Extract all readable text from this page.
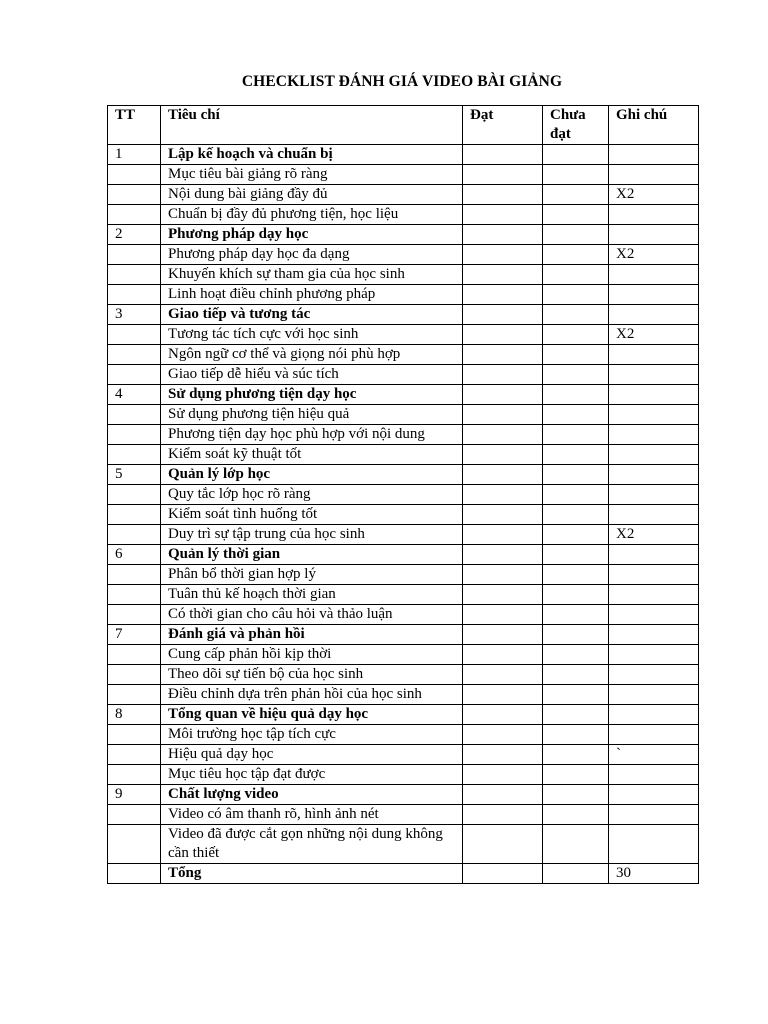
CHECKLIST ĐÁNH GIÁ VIDEO BÀI GIẢNG
TT	Tiêu chí	Đạt	Chưa đạt	Ghi chú
1	Lập kế hoạch và chuẩn bị			
	Mục tiêu bài giảng rõ ràng			
	Nội dung bài giảng đầy đủ			X2
	Chuẩn bị đầy đủ phương tiện, học liệu			
2	Phương pháp dạy học			
	Phương pháp dạy học đa dạng			X2
	Khuyến khích sự tham gia của học sinh			
	Linh hoạt điều chỉnh phương pháp			
3	Giao tiếp và tương tác			
	Tương tác tích cực với học sinh			X2
	Ngôn ngữ cơ thể và giọng nói phù hợp			
	Giao tiếp dễ hiểu và súc tích			
4	Sử dụng phương tiện dạy học			
	Sử dụng phương tiện hiệu quả			
	Phương tiện dạy học phù hợp với nội dung			
	Kiểm soát kỹ thuật tốt			
5	Quản lý lớp học			
	Quy tắc lớp học rõ ràng			
	Kiểm soát tình huống tốt			
	Duy trì sự tập trung của học sinh			X2
6	Quản lý thời gian			
	Phân bổ thời gian hợp lý			
	Tuân thủ kế hoạch thời gian			
	Có thời gian cho câu hỏi và thảo luận			
7	Đánh giá và phản hồi			
	Cung cấp phản hồi kịp thời			
	Theo dõi sự tiến bộ của học sinh			
	Điều chỉnh dựa trên phản hồi của học sinh			
8	Tổng quan về hiệu quả dạy học			
	Môi trường học tập tích cực			
	Hiệu quả dạy học			`
	Mục tiêu học tập đạt được			
9	Chất lượng video			
	Video có âm thanh rõ, hình ảnh nét			
	Video đã được cắt gọn những nội dung không cần thiết			
	Tổng			30
